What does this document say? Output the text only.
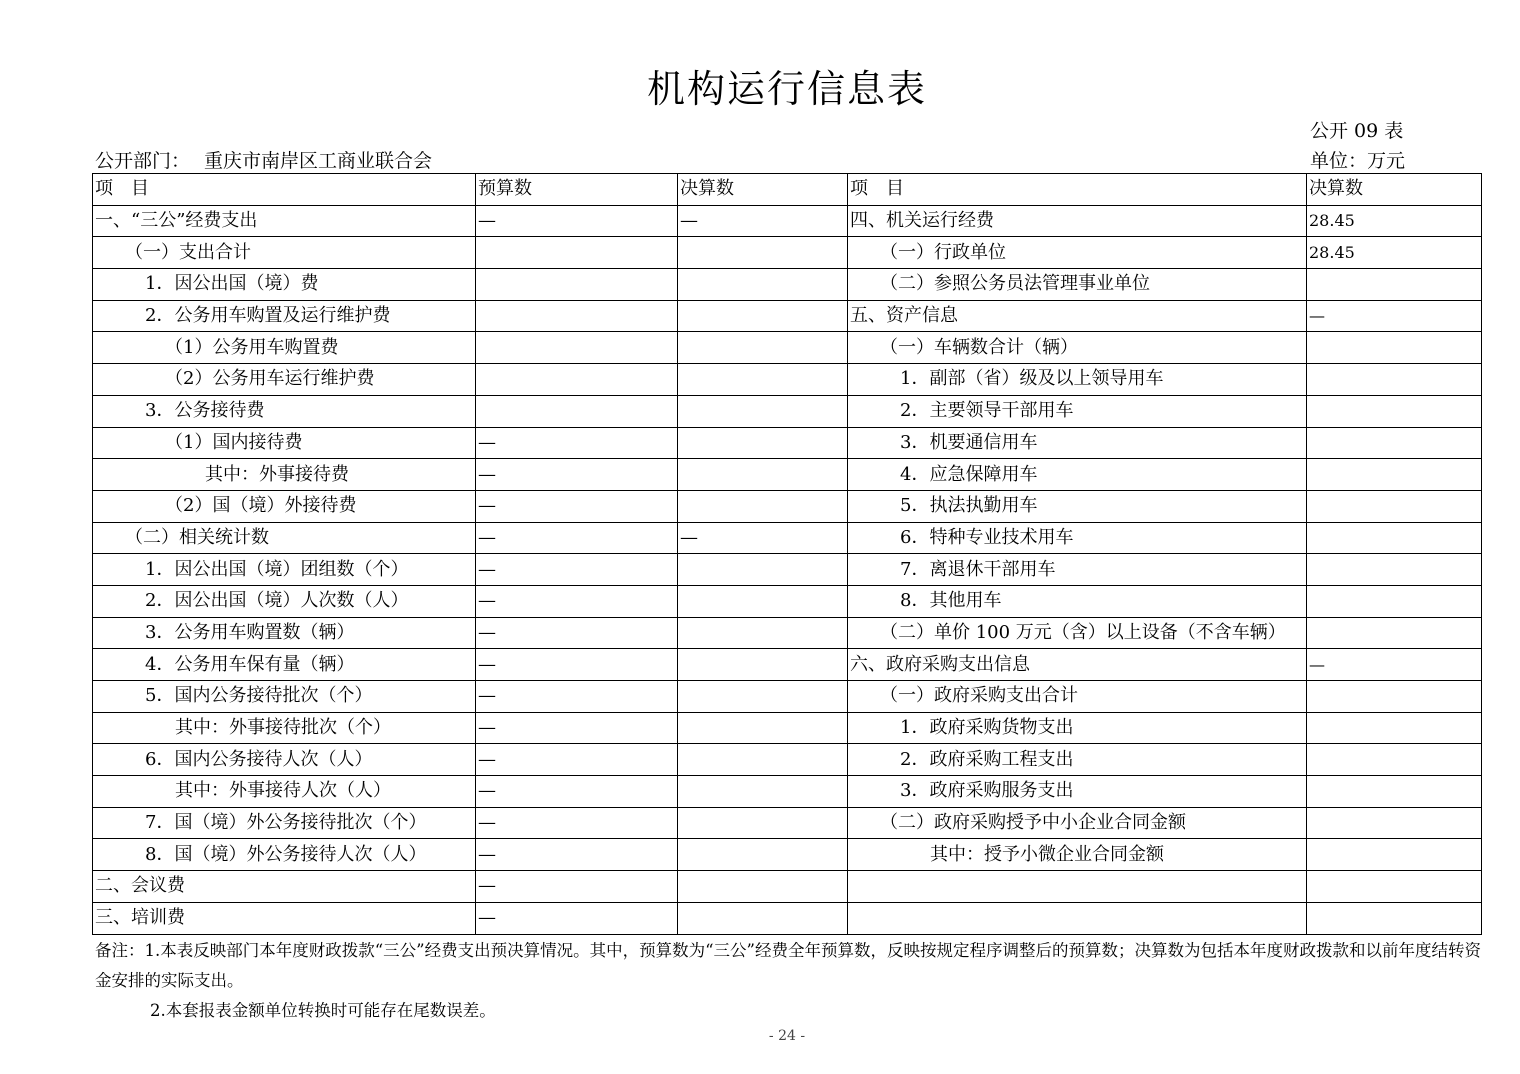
机构运行信息表
公开 09 表
公开部门： 重庆市南岸区工商业联合会	单位：万元
项　目	预算数	决算数	项　目	决算数
一、“三公”经费支出	—	—	四、机关运行经费	28.45
（一）支出合计			（一）行政单位	28.45
1．因公出国（境）费			（二）参照公务员法管理事业单位	
2．公务用车购置及运行维护费			五、资产信息	—
（1）公务用车购置费			（一）车辆数合计（辆）	
（2）公务用车运行维护费			1．副部（省）级及以上领导用车	
3．公务接待费			2．主要领导干部用车	
（1）国内接待费	—		3．机要通信用车	
其中：外事接待费	—		4．应急保障用车	
（2）国（境）外接待费	—		5．执法执勤用车	
（二）相关统计数	—	—	6．特种专业技术用车	
1．因公出国（境）团组数（个）	—		7．离退休干部用车	
2．因公出国（境）人次数（人）	—		8．其他用车	
3．公务用车购置数（辆）	—		（二）单价 100 万元（含）以上设备（不含车辆）	
4．公务用车保有量（辆）	—		六、政府采购支出信息	—
5．国内公务接待批次（个）	—		（一）政府采购支出合计	
其中：外事接待批次（个）	—		1．政府采购货物支出	
6．国内公务接待人次（人）	—		2．政府采购工程支出	
其中：外事接待人次（人）	—		3．政府采购服务支出	
7．国（境）外公务接待批次（个）	—		（二）政府采购授予中小企业合同金额	
8．国（境）外公务接待人次（人）	—		其中：授予小微企业合同金额	
二、会议费	—			
三、培训费	—			
备注：1.本表反映部门本年度财政拨款“三公”经费支出预决算情况。其中，预算数为“三公”经费全年预算数，反映按规定程序调整后的预算数；决算数为包括本年度财政拨款和以前年度结转资金安排的实际支出。
2.本套报表金额单位转换时可能存在尾数误差。
- 24 -
